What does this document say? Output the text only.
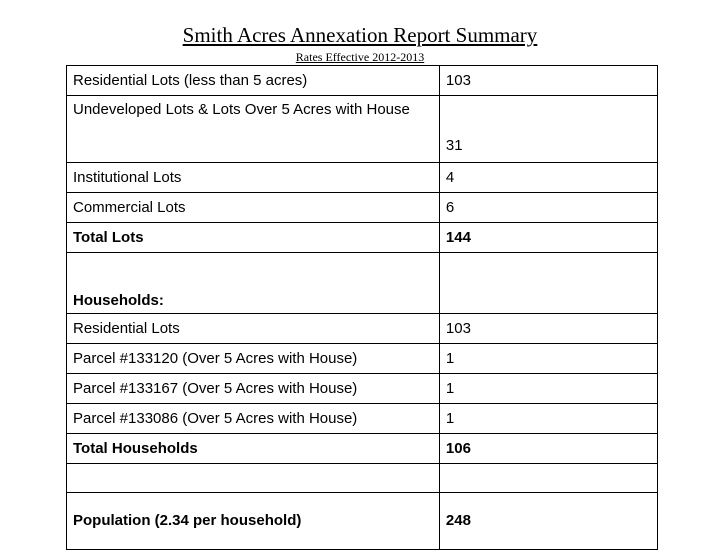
Smith Acres Annexation Report Summary
Rates Effective 2012-2013
Residential Lots (less than 5 acres)	103
Undeveloped Lots & Lots Over 5 Acres with House	31
Institutional Lots	4
Commercial Lots	6
Total Lots	144
Households:	
Residential Lots	103
Parcel #133120 (Over 5 Acres with House)	1
Parcel #133167 (Over 5 Acres with House)	1
Parcel #133086 (Over 5 Acres with House)	1
Total Households	106

Population (2.34 per household)	248
